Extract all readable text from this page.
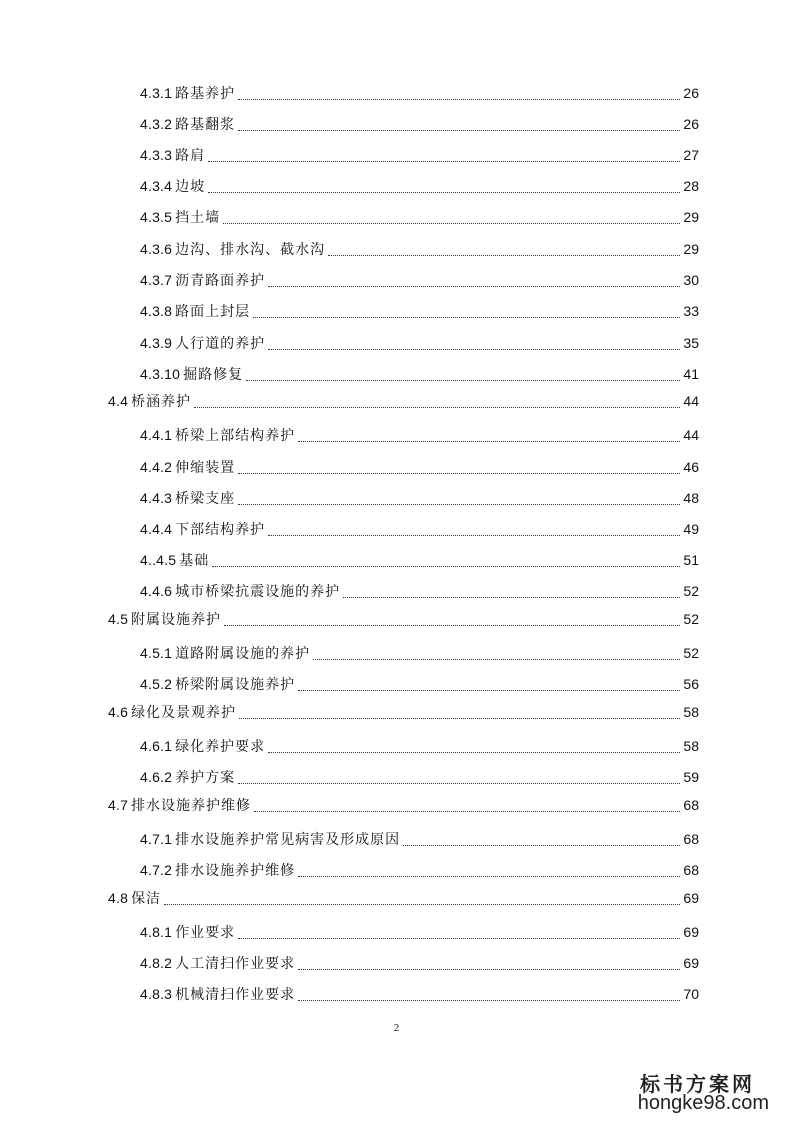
4.3.1 路基养护	26
4.3.2 路基翻浆	26
4.3.3 路肩	27
4.3.4 边坡	28
4.3.5 挡土墙	29
4.3.6 边沟、排水沟、截水沟	29
4.3.7 沥青路面养护	30
4.3.8 路面上封层	33
4.3.9 人行道的养护	35
4.3.10 掘路修复	41
4.4 桥涵养护	44
4.4.1 桥梁上部结构养护	44
4.4.2 伸缩装置	46
4.4.3 桥梁支座	48
4.4.4 下部结构养护	49
4..4.5 基础	51
4.4.6 城市桥梁抗震设施的养护	52
4.5 附属设施养护	52
4.5.1 道路附属设施的养护	52
4.5.2 桥梁附属设施养护	56
4.6 绿化及景观养护	58
4.6.1 绿化养护要求	58
4.6.2 养护方案	59
4.7 排水设施养护维修	68
4.7.1 排水设施养护常见病害及形成原因	68
4.7.2 排水设施养护维修	68
4.8 保洁	69
4.8.1 作业要求	69
4.8.2 人工清扫作业要求	69
4.8.3 机械清扫作业要求	70
2
标书方案网
hongke98.com
